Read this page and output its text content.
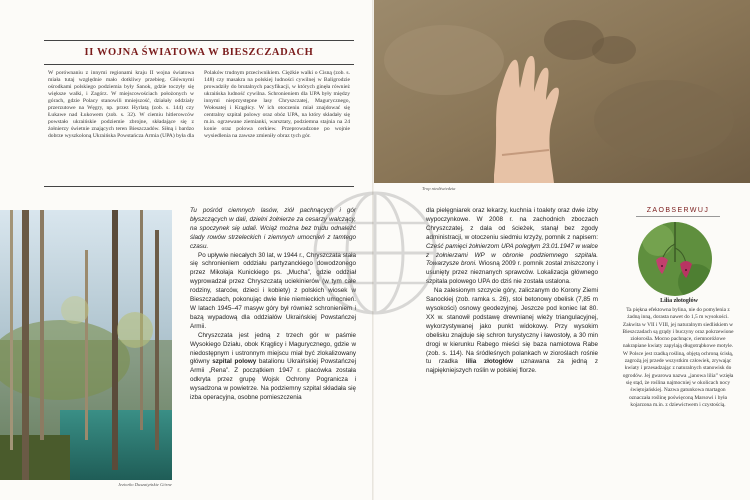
II WOJNA ŚWIATOWA W BIESZCZADACH

W porównaniu z innymi regionami kraju II wojna światowa miała tutaj względnie mało dotkliwy przebieg. Głównymi ośrodkami polskiego podziemia były Sanok, gdzie toczyły się większe walki, i Zagórz. W miejscowościach położonych w górach, gdzie Polacy stanowili mniejszość, działały oddziały przerzutowe na Węgry, np. przez Hyrlatą (zob. s. 144) czy Łukawe nad Łukowem (zob. s. 32). W ciemiu hitlerowców powstało ukraińskie podziemie zbrojne, składające się z żołnierzy świetnie znających teren Bieszczadów. Siłną i bardzo dobrze wyszkoloną Ukraińska Powstańcza Armia (UPA) była dla

Polaków trudnym przeciwnikiem. Ciężkie walki o Cisną (zob. s. 148) czy masakra na polskiej ludności cywilnej w Baligrodzie prowadziły do brutalnych pacyfikacji, w których ginęła również ukraińska ludność cywilna. Schronieniem dla UPA były między innymi nieprzystępne lasy Chryszczatej, Magurycznego, Wołosatej i Krągłicy. W ich otoczeniu miał znajdować się centralny szpital polowy oraz obóz UPA, na który składały się m.in. ogrzewane ziemianki, warsztaty, podziemna stajnia na 24 konie oraz polowa cerkiew. Przeprowadzone po wojnie wysiedlenia na zawsze zmieniły obraz tych gór.

Jeziorko Duszatyńskie Górne

Tu pośród ciemnych lasów, ziół pachnących i gór błyszczących w dali, dzielni żołnierze za cesarzy walczący, na spoczynek się udali. Wciąż można bez trudu odnaleźć ślady rowów strzeleckich i ziemnych umocnień z tamtego czasu.

Po upływie niecałych 30 lat, w 1944 r., Chryszczata stała się schronieniem oddziału partyzanckiego dowodzonego przez Mikołaja Kunickiego ps. „Mucha”, gdzie oddział wyprowadzał przez Chryszczatą uciekinierów (w tym całe rodziny, starców, dzieci i kobiety) z polskich wiosek w Bieszczadach, pokonując dwie linie niemieckich umocnień. W latach 1945–47 masyw góry był również schronieniem i bazą wypadową dla oddziałów Ukraińskiej Powstańczej Armii.

Chryszczata jest jedną z trzech gór w paśmie Wysokiego Działu, obok Krąglicy i Magurycznego, gdzie w niedostępnym i ustronnym miejscu miał być zlokalizowany główny szpital polowy batalionu Ukraińskiej Powstańczej Armii „Rena”. Z początkiem 1947 r. placówka została odkryta przez grupę Wojsk Ochrony Pogranicza i wysadzona w powietrze. Na podziemny szpital składała się izba operacyjna, osobne pomieszczenia

Trop niedźwiedzia

dla pielęgniarek oraz lekarzy, kuchnia i toalety oraz dwie izby wypoczynkowe. W 2008 r. na zachodnich zboczach Chryszczatej, z dala od ścieżek, stanął bez zgody administracji, w otoczeniu siedmiu krzyży, pomnik z napisem: Cześć pamięci żołnierzom UPA poległym 23.01.1947 w walce z żołnierzami WP w obronie podziemnego szpitala. Towarzysze broni. Wiosną 2009 r. pomnik został zniszczony i usunięty przez nieznanych sprawców. Lokalizacja głównego szpitala polowego UPA do dziś nie została ustalona.

Na zalesionym szczycie góry, zaliczanym do Korony Ziemi Sanockiej (zob. ramka s. 26), stoi betonowy obelisk (7,85 m wysokości) osnowy geodezyjnej. Jeszcze pod koniec lat 80. XX w. stanowił podstawę drewnianej wieży triangulacyjnej, wykorzystywanej jako punkt widokowy. Przy wysokim obelisku znajduje się schron turystyczny i ławostoły, a 30 min drogi w kierunku Rabego mieści się baza namiotowa Rabe (zob. s. 114). Na śródleśnych polankach w zioroślach rośnie tu rzadka lilia złotogłów uznawana za jedną z najpiękniejszych roślin w polskiej florze.

ZAOBSERWUJ
Lilia złotogłów
Ta piękna efektowna bylina, nie do pomylenia z żadną inną, dorasta nawet do 1,5 m wysokości. Zakwita w VII i VIII, jej naturalnym siedliskiem w Bieszczadach są grądy i buczyny oraz pokrzewione ziołorośla. Mocno pachnące, ciemnoróżowe nakrapiane kwiaty zapylają długotrąbkowe motyle. W Polsce jest rzadką rośliną, objętą ochroną ścisłą, zagrożą jej przede wszystkim człowiek, zrywając kwiaty i przesadzając z naturalnych stanowisk do ogrodów. Jej gwarowa nazwa „janowa lilia” wzięła się stąd, że roślina najmocniej w okolicach nocy świętojańskiej. Nazwa gatunkowa martagon oznaczała roślinę poświęconą Marsowi i była kojarzona m.in. z dziewictwem i czystością.
